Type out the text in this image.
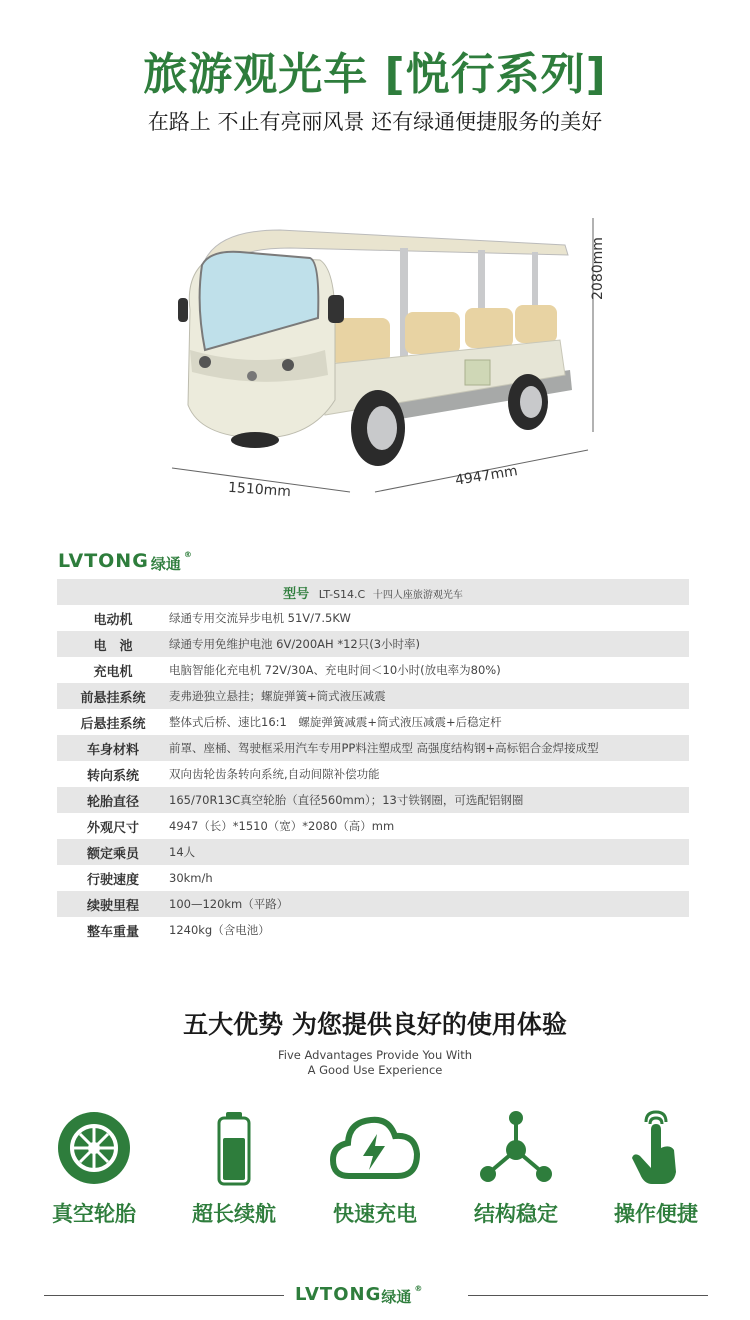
旅游观光车 [悦行系列]
在路上 不止有亮丽风景 还有绿通便捷服务的美好
2080mm
1510mm
4947mm
LVTONG 绿通
®
型号 LT-S14.C 十四人座旅游观光车	
电动机	绿通专用交流异步电机 51V/7.5KW
电　池	绿通专用免维护电池 6V/200AH *12只(3小时率)
充电机	电脑智能化充电机 72V/30A、充电时间＜10小时(放电率为80%)
前悬挂系统	麦弗逊独立悬挂；螺旋弹簧+筒式液压减震
后悬挂系统	整体式后桥、速比16:1　螺旋弹簧减震+筒式液压减震+后稳定杆
车身材料	前罩、座桶、驾驶框采用汽车专用PP料注塑成型 高强度结构钢+高标铝合金焊接成型
转向系统	双向齿轮齿条转向系统,自动间隙补偿功能
轮胎直径	165/70R13C真空轮胎（直径560mm）；13寸铁钢圈，可选配铝钢圈
外观尺寸	4947（长）*1510（宽）*2080（高）mm
额定乘员	14人
行驶速度	30km/h
续驶里程	100—120km（平路）
整车重量	1240kg（含电池）
五大优势 为您提供良好的使用体验
Five Advantages Provide You With
A Good Use Experience
真空轮胎	超长续航	快速充电	结构稳定	操作便捷
LVTONG 绿通 ®
